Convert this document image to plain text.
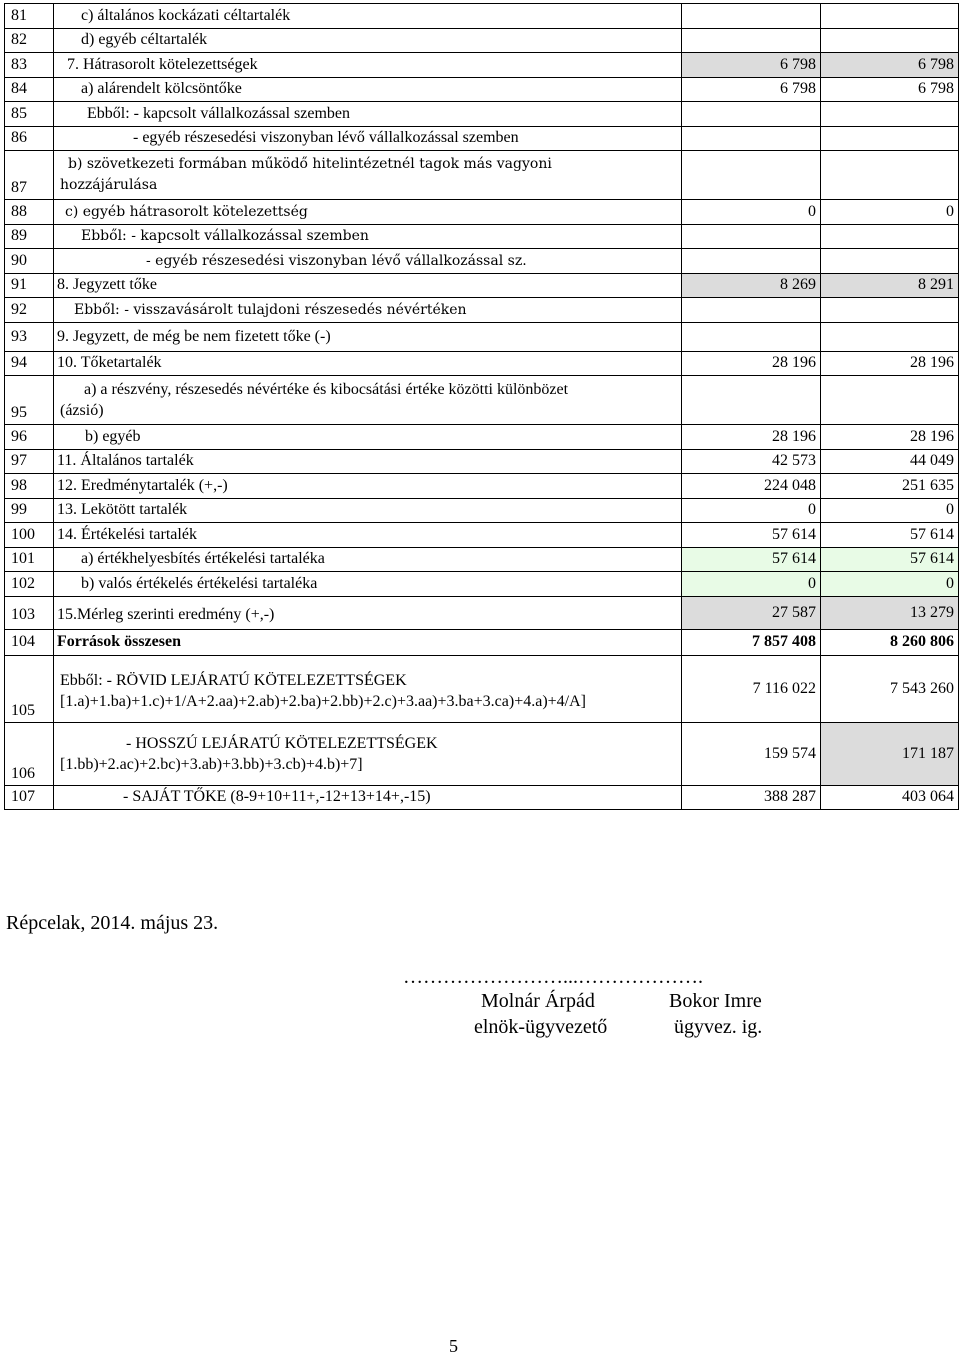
81	c) általános kockázati céltartalék		
82	d) egyéb céltartalék		
83	7. Hátrasorolt kötelezettségek	6 798	6 798
84	a) alárendelt kölcsöntőke	6 798	6 798
85	Ebből: - kapcsolt vállalkozással szemben		
86	- egyéb részesedési viszonyban lévő vállalkozással szemben		
87	b) szövetkezeti formában működő hitelintézetnél tagok más vagyoni
hozzájárulása		

88	c) egyéb hátrasorolt kötelezettség	0	0
89	Ebből: - kapcsolt vállalkozással szemben		
90	- egyéb részesedési viszonyban lévő vállalkozással sz.		
91	8. Jegyzett tőke	8 269	8 291
92	Ebből: - visszavásárolt tulajdoni részesedés névértéken		
93	9. Jegyzett, de még be nem fizetett tőke (-)		
94	10. Tőketartalék	28 196	28 196
95	a) a részvény, részesedés névértéke és kibocsátási értéke közötti különbözet
(ázsió)		

96	b) egyéb	28 196	28 196
97	11. Általános tartalék	42 573	44 049
98	12. Eredménytartalék (+,-)	224 048	251 635
99	13. Lekötött tartalék	0	0
100	14. Értékelési tartalék	57 614	57 614
101	a) értékhelyesbítés értékelési tartaléka	57 614	57 614
102	b) valós értékelés értékelési tartaléka	0	0
103	15.Mérleg szerinti eredmény (+,-)	27 587	13 279
104	Források összesen	7 857 408	8 260 806
105	Ebből: - RÖVID LEJÁRATÚ KÖTELEZETTSÉGEK
[1.a)+1.ba)+1.c)+1/A+2.aa)+2.ab)+2.ba)+2.bb)+2.c)+3.aa)+3.ba+3.ca)+4.a)+4/A]	7 116 022	7 543 260
106	- HOSSZÚ LEJÁRATÚ KÖTELEZETTSÉGEK
[1.bb)+2.ac)+2.bc)+3.ab)+3.bb)+3.cb)+4.b)+7]	159 574	171 187
107	- SAJÁT TŐKE (8-9+10+11+,-12+13+14+,-15)	388 287	403 064
Répcelak, 2014. május 23.
……………………...……………….
Molnár Árpád	Bokor Imre
elnök-ügyvezető	ügyvez. ig.
5
